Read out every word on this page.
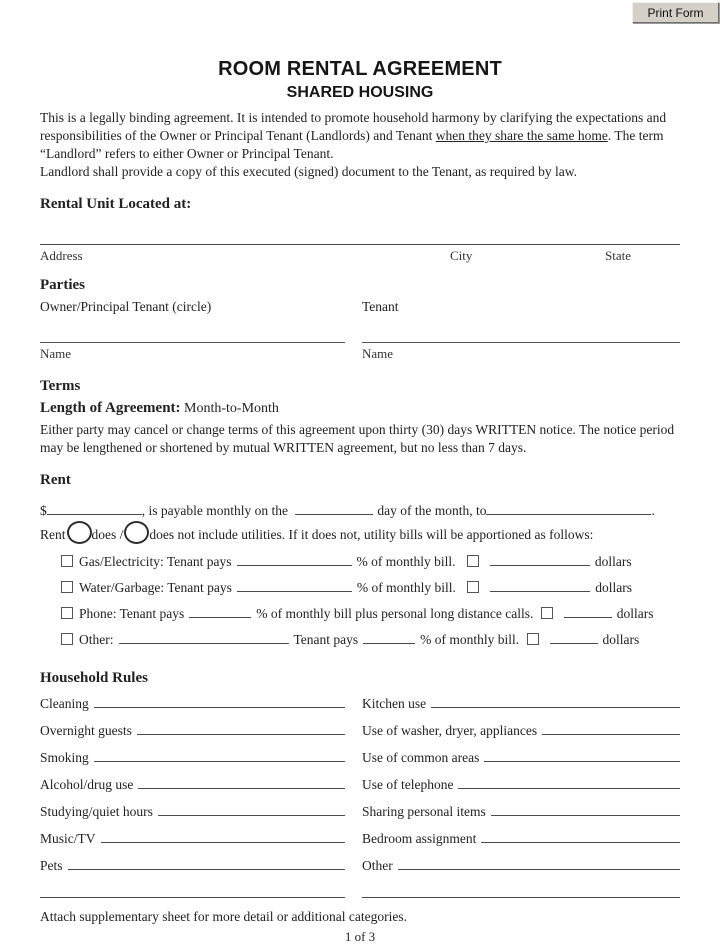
Print Form
ROOM RENTAL AGREEMENT
SHARED HOUSING

This is a legally binding agreement. It is intended to promote household harmony by clarifying the expectations and responsibilities of the Owner or Principal Tenant (Landlords) and Tenant when they share the same home. The term “Landlord” refers to either Owner or Principal Tenant.
Landlord shall provide a copy of this executed (signed) document to the Tenant, as required by law.

Rental Unit Located at:
Address	City	State
Parties
Owner/Principal Tenant (circle)	Tenant
Name	Name
Terms
Length of Agreement: Month-to-Month

Either party may cancel or change terms of this agreement upon thirty (30) days WRITTEN notice. The notice period may be lengthened or shortened by mutual WRITTEN agreement, but no less than 7 days.

Rent
$	, is payable monthly on the	day of the month, to	.
Rent does / does not include utilities. If it does not, utility bills will be apportioned as follows:
Gas/Electricity: Tenant pays	% of monthly bill.	dollars
Water/Garbage: Tenant pays	% of monthly bill.	dollars
Phone: Tenant pays	% of monthly bill plus personal long distance calls.	dollars
Other:	Tenant pays	% of monthly bill.	dollars
Household Rules
Cleaning	Kitchen use
Overnight guests	Use of washer, dryer, appliances
Smoking	Use of common areas
Alcohol/drug use	Use of telephone
Studying/quiet hours	Sharing personal items
Music/TV	Bedroom assignment
Pets	Other
Attach supplementary sheet for more detail or additional categories.
1 of 3
